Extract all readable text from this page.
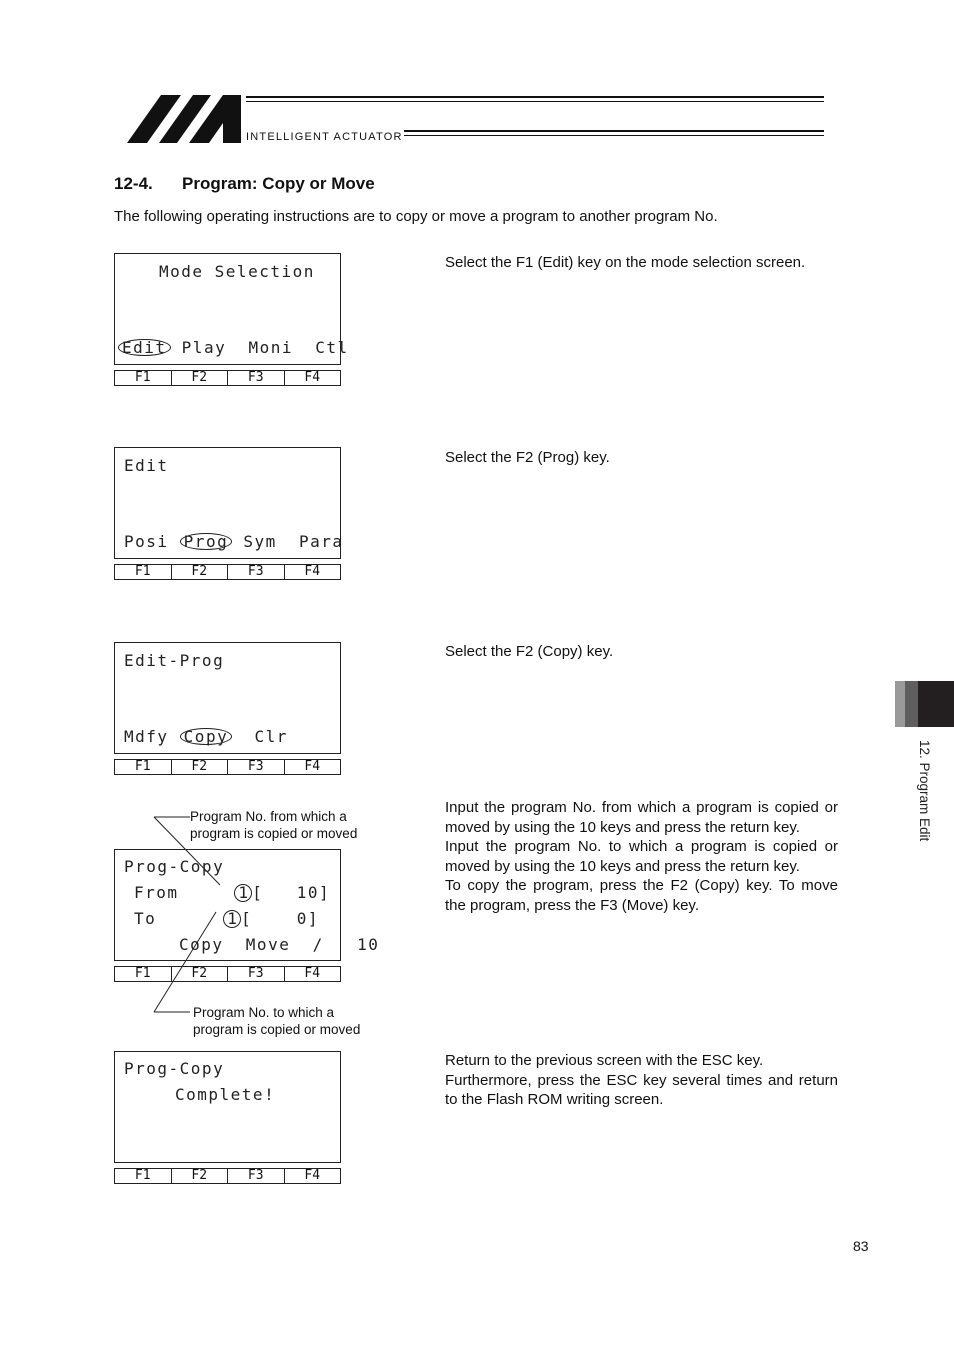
INTELLIGENT ACTUATOR
12-4. Program: Copy or Move
The following operating instructions are to copy or move a program to another program No.
Mode Selection
Edit Play  Moni  Ctl
F1	F2	F3	F4

Select the F1 (Edit) key on the mode selection screen.

Edit
Posi Prog Sym  Para
F1	F2	F3	F4

Select the F2 (Prog) key.

Edit-Prog
Mdfy Copy Clr
F1	F2	F3	F4

Select the F2 (Copy) key.

Program No. from which a
program is copied or moved
Prog-Copy
From	1 [   10]
To	1 [    0]
Copy  Move  /   10
F1	F2	F3	F4
Program No. to which a
program is copied or moved

Input the program No. from which a program is copied or moved by using the 10 keys and press the return key.

Input the program No. to which a program is copied or moved by using the 10 keys and press the return key.

To copy the program, press the F2 (Copy) key. To move the program, press the F3 (Move) key.

Prog-Copy
Complete!
F1	F2	F3	F4

Return to the previous screen with the ESC key.

Furthermore, press the ESC key several times and return to the Flash ROM writing screen.

12. Program Edit
83
